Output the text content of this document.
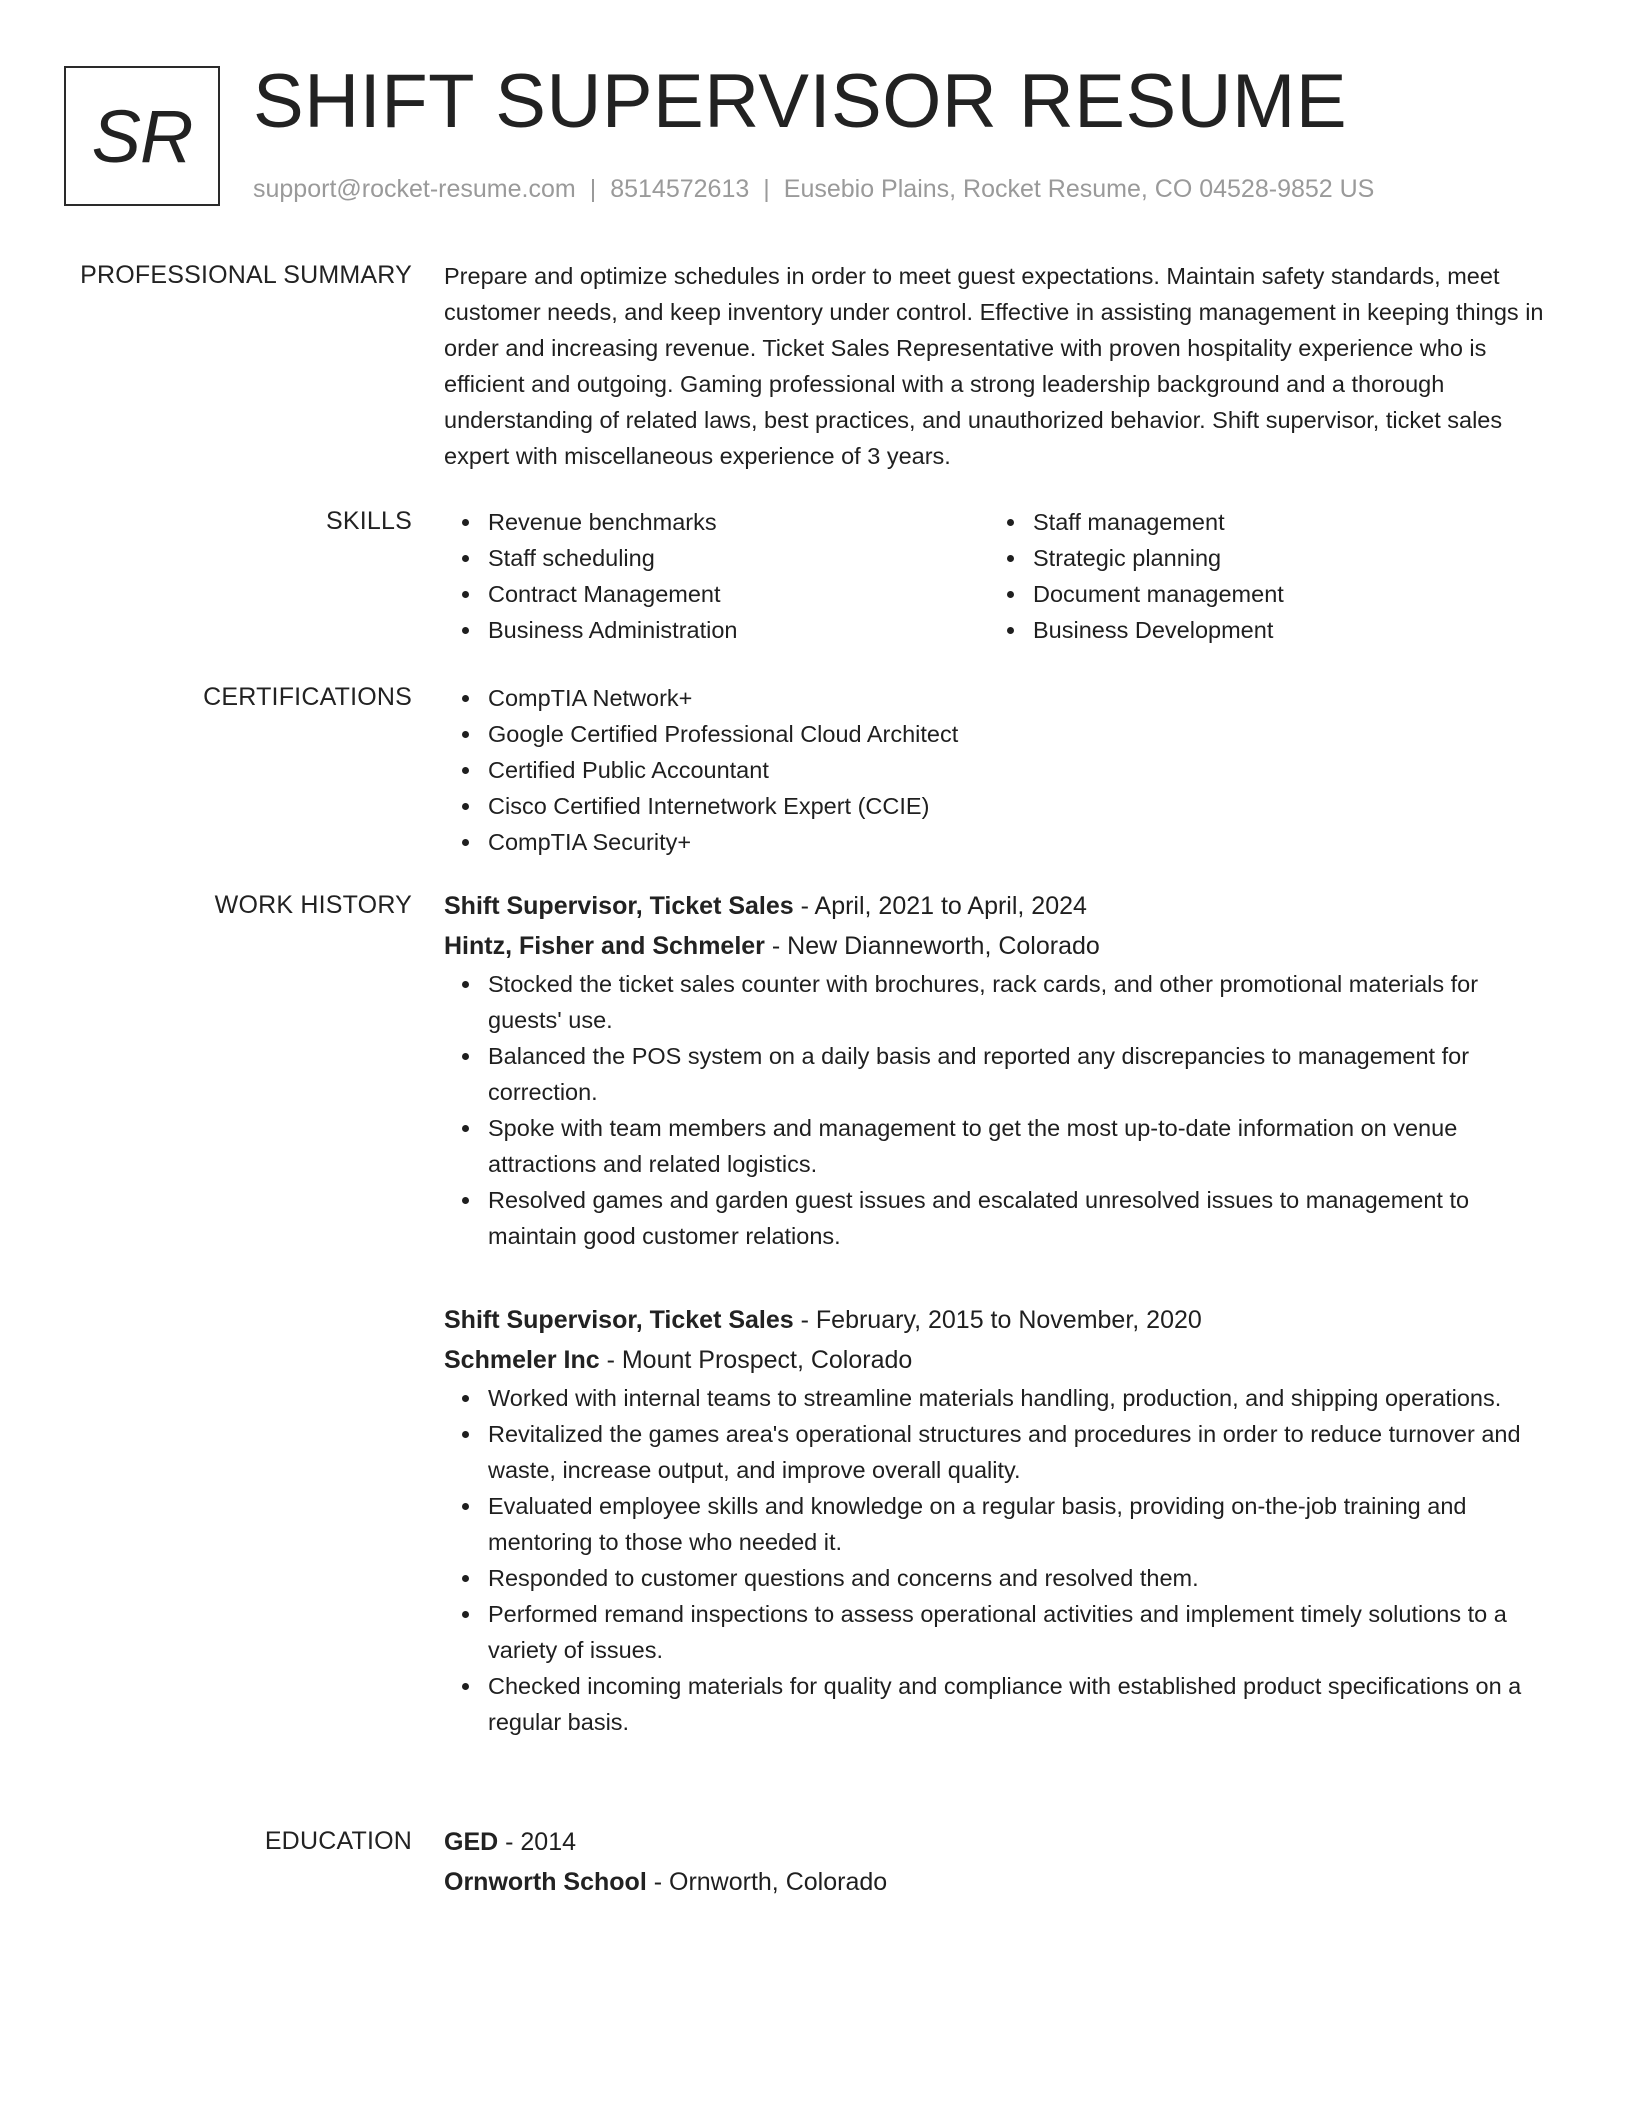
SR SHIFT SUPERVISOR RESUME
support@rocket-resume.com | 8514572613 | Eusebio Plains, Rocket Resume, CO 04528-9852 US
PROFESSIONAL SUMMARY Prepare and optimize schedules in order to meet guest expectations. Maintain safety standards, meet customer needs, and keep inventory under control. Effective in assisting management in keeping things in order and increasing revenue. Ticket Sales Representative with proven hospitality experience who is efficient and outgoing. Gaming professional with a strong leadership background and a thorough understanding of related laws, best practices, and unauthorized behavior. Shift supervisor, ticket sales expert with miscellaneous experience of 3 years.

SKILLS	Revenue benchmarks
Staff scheduling
Contract Management
Business Administration
Staff management
Strategic planning
Document management
Business Development
CERTIFICATIONS	CompTIA Network+
Google Certified Professional Cloud Architect
Certified Public Accountant
Cisco Certified Internetwork Expert (CCIE)
CompTIA Security+
WORK HISTORY Shift Supervisor, Ticket Sales - April, 2021 to April, 2024
Hintz, Fisher and Schmeler - New Dianneworth, Colorado
Stocked the ticket sales counter with brochures, rack cards, and other promotional materials for guests' use.
Balanced the POS system on a daily basis and reported any discrepancies to management for correction.
Spoke with team members and management to get the most up-to-date information on venue attractions and related logistics.
Resolved games and garden guest issues and escalated unresolved issues to management to maintain good customer relations.
Shift Supervisor, Ticket Sales - February, 2015 to November, 2020
Schmeler Inc - Mount Prospect, Colorado
Worked with internal teams to streamline materials handling, production, and shipping operations.
Revitalized the games area's operational structures and procedures in order to reduce turnover and waste, increase output, and improve overall quality.
Evaluated employee skills and knowledge on a regular basis, providing on-the-job training and mentoring to those who needed it.
Responded to customer questions and concerns and resolved them.
Performed remand inspections to assess operational activities and implement timely solutions to a variety of issues.
Checked incoming materials for quality and compliance with established product specifications on a regular basis.
EDUCATION GED - 2014
Ornworth School - Ornworth, Colorado
